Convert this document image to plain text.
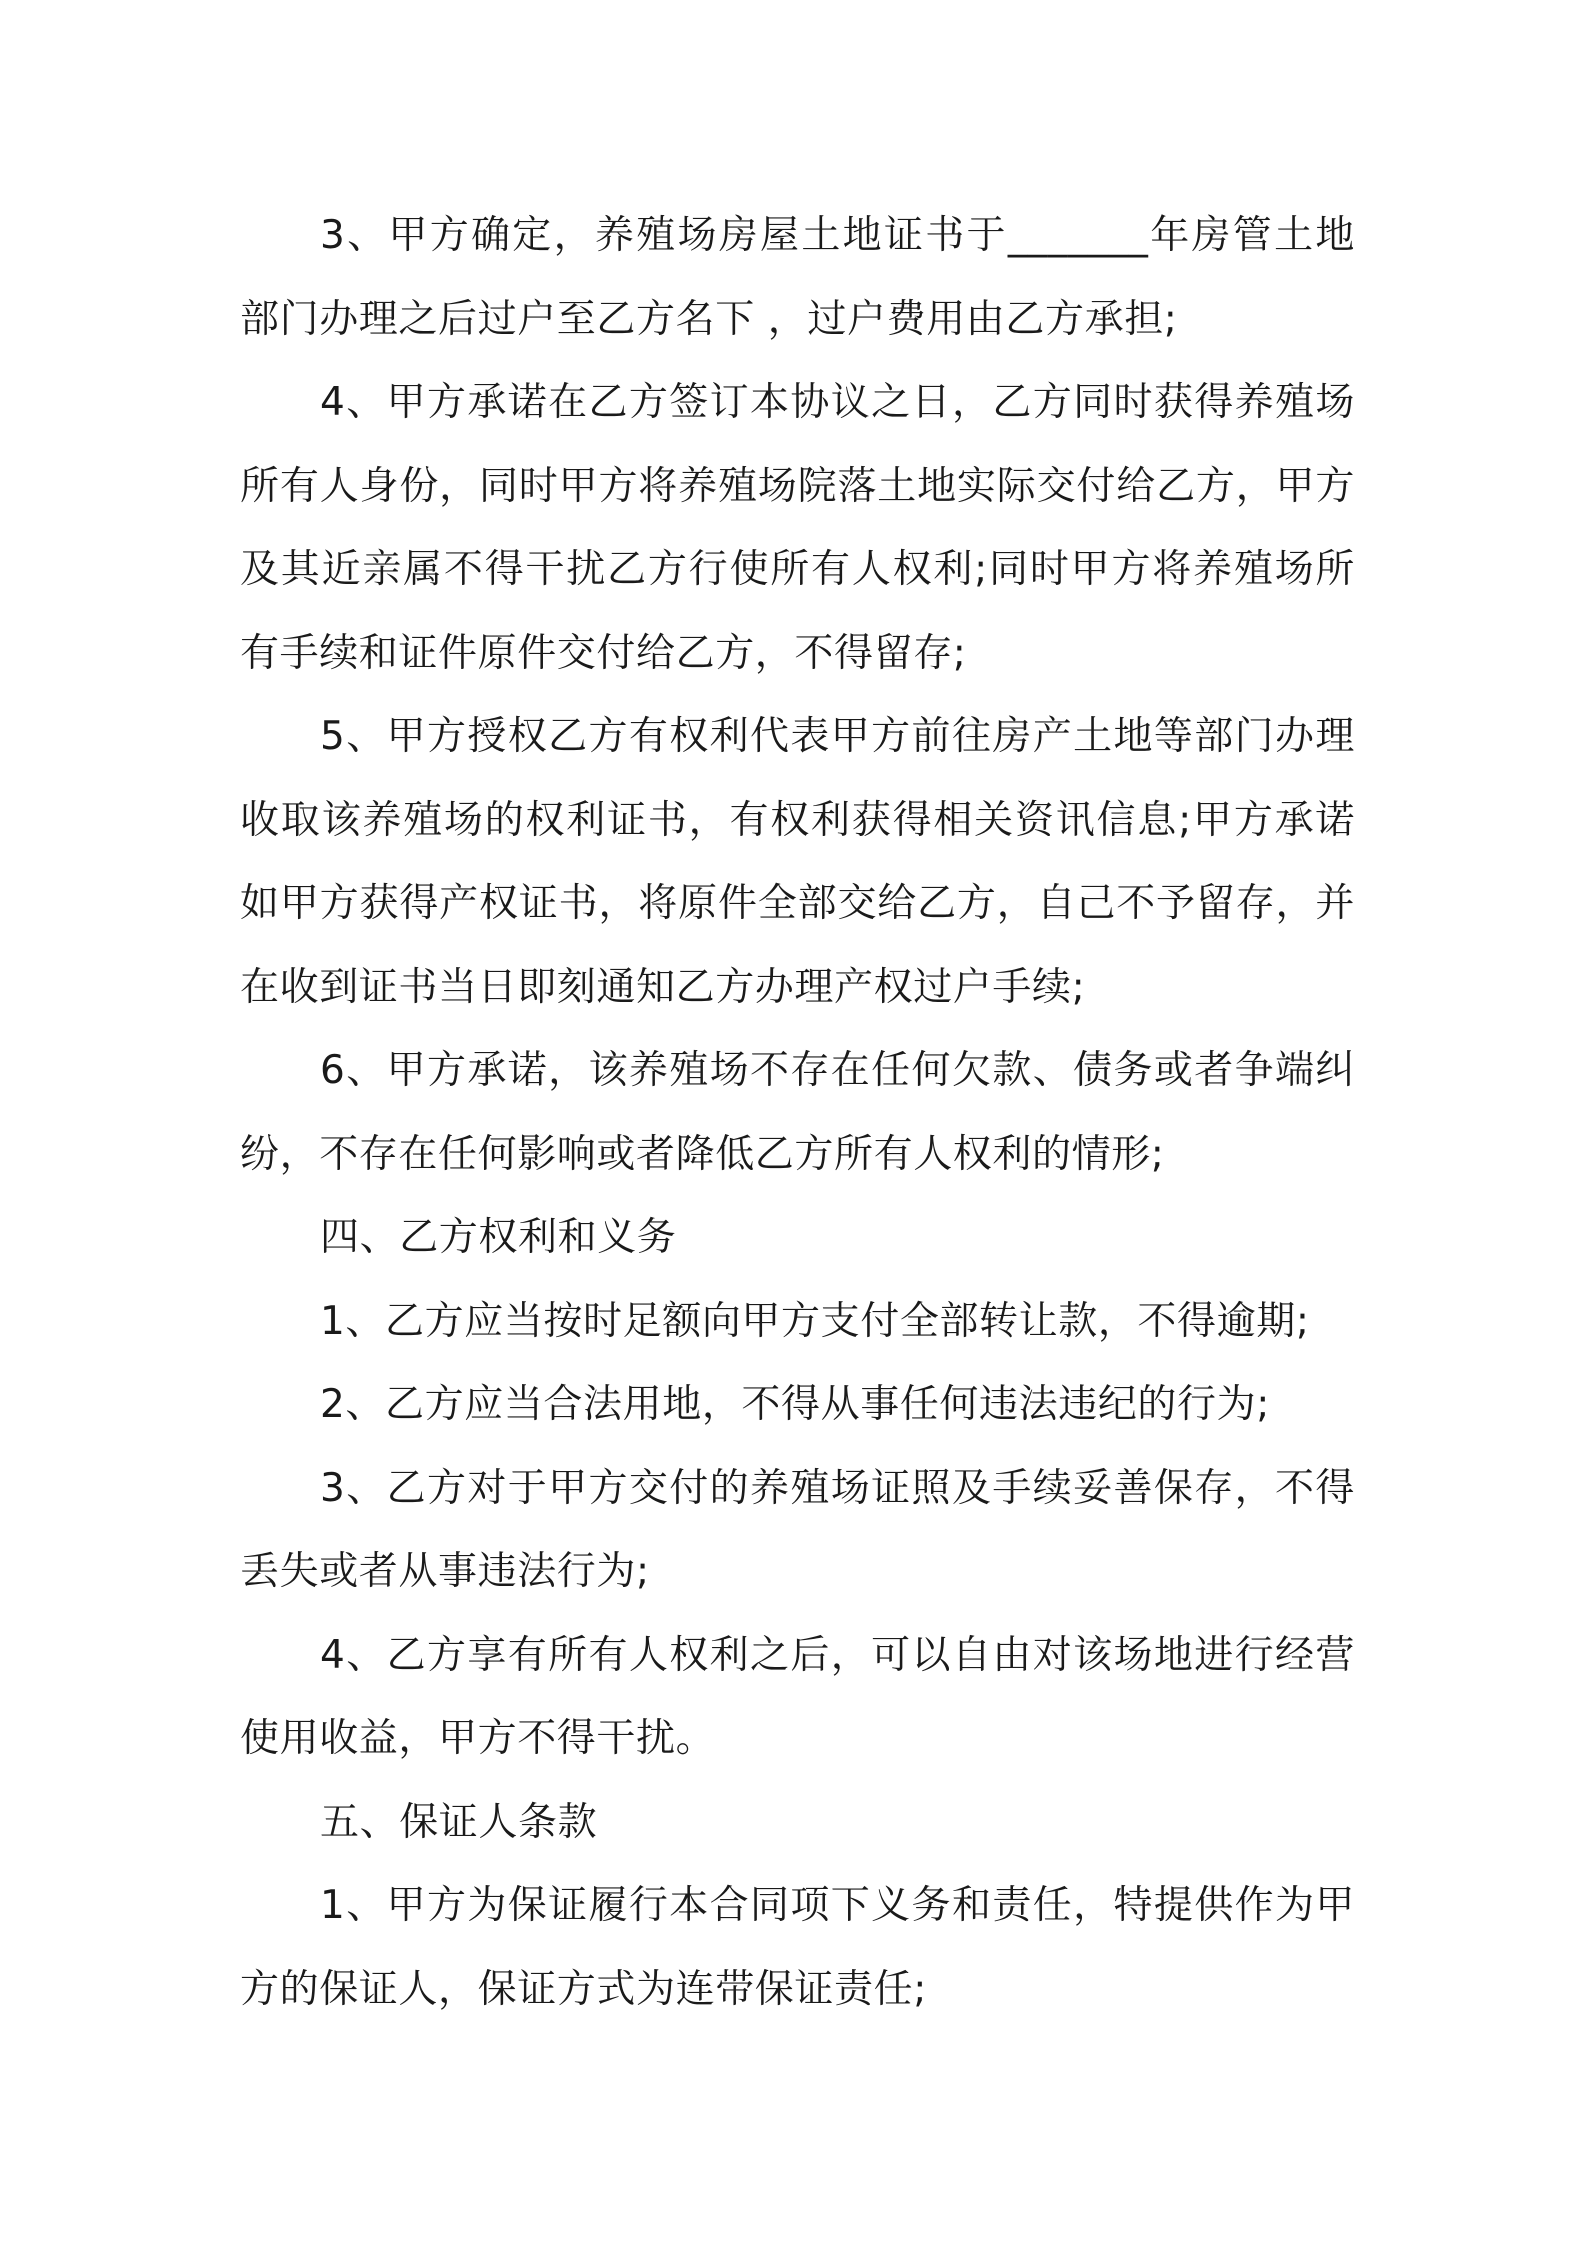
3、甲方确定，养殖场房屋土地证书于_______年房管土地部门办理之后过户至乙方名下 ，过户费用由乙方承担;

4、甲方承诺在乙方签订本协议之日，乙方同时获得养殖场所有人身份，同时甲方将养殖场院落土地实际交付给乙方，甲方及其近亲属不得干扰乙方行使所有人权利;同时甲方将养殖场所有手续和证件原件交付给乙方，不得留存;

5、甲方授权乙方有权利代表甲方前往房产土地等部门办理收取该养殖场的权利证书，有权利获得相关资讯信息;甲方承诺如甲方获得产权证书，将原件全部交给乙方，自己不予留存，并在收到证书当日即刻通知乙方办理产权过户手续;

6、甲方承诺，该养殖场不存在任何欠款、债务或者争端纠纷，不存在任何影响或者降低乙方所有人权利的情形;

四、乙方权利和义务

1、乙方应当按时足额向甲方支付全部转让款，不得逾期;

2、乙方应当合法用地，不得从事任何违法违纪的行为;

3、乙方对于甲方交付的养殖场证照及手续妥善保存，不得丢失或者从事违法行为;

4、乙方享有所有人权利之后，可以自由对该场地进行经营使用收益，甲方不得干扰。

五、保证人条款

1、甲方为保证履行本合同项下义务和责任，特提供作为甲方的保证人，保证方式为连带保证责任;
